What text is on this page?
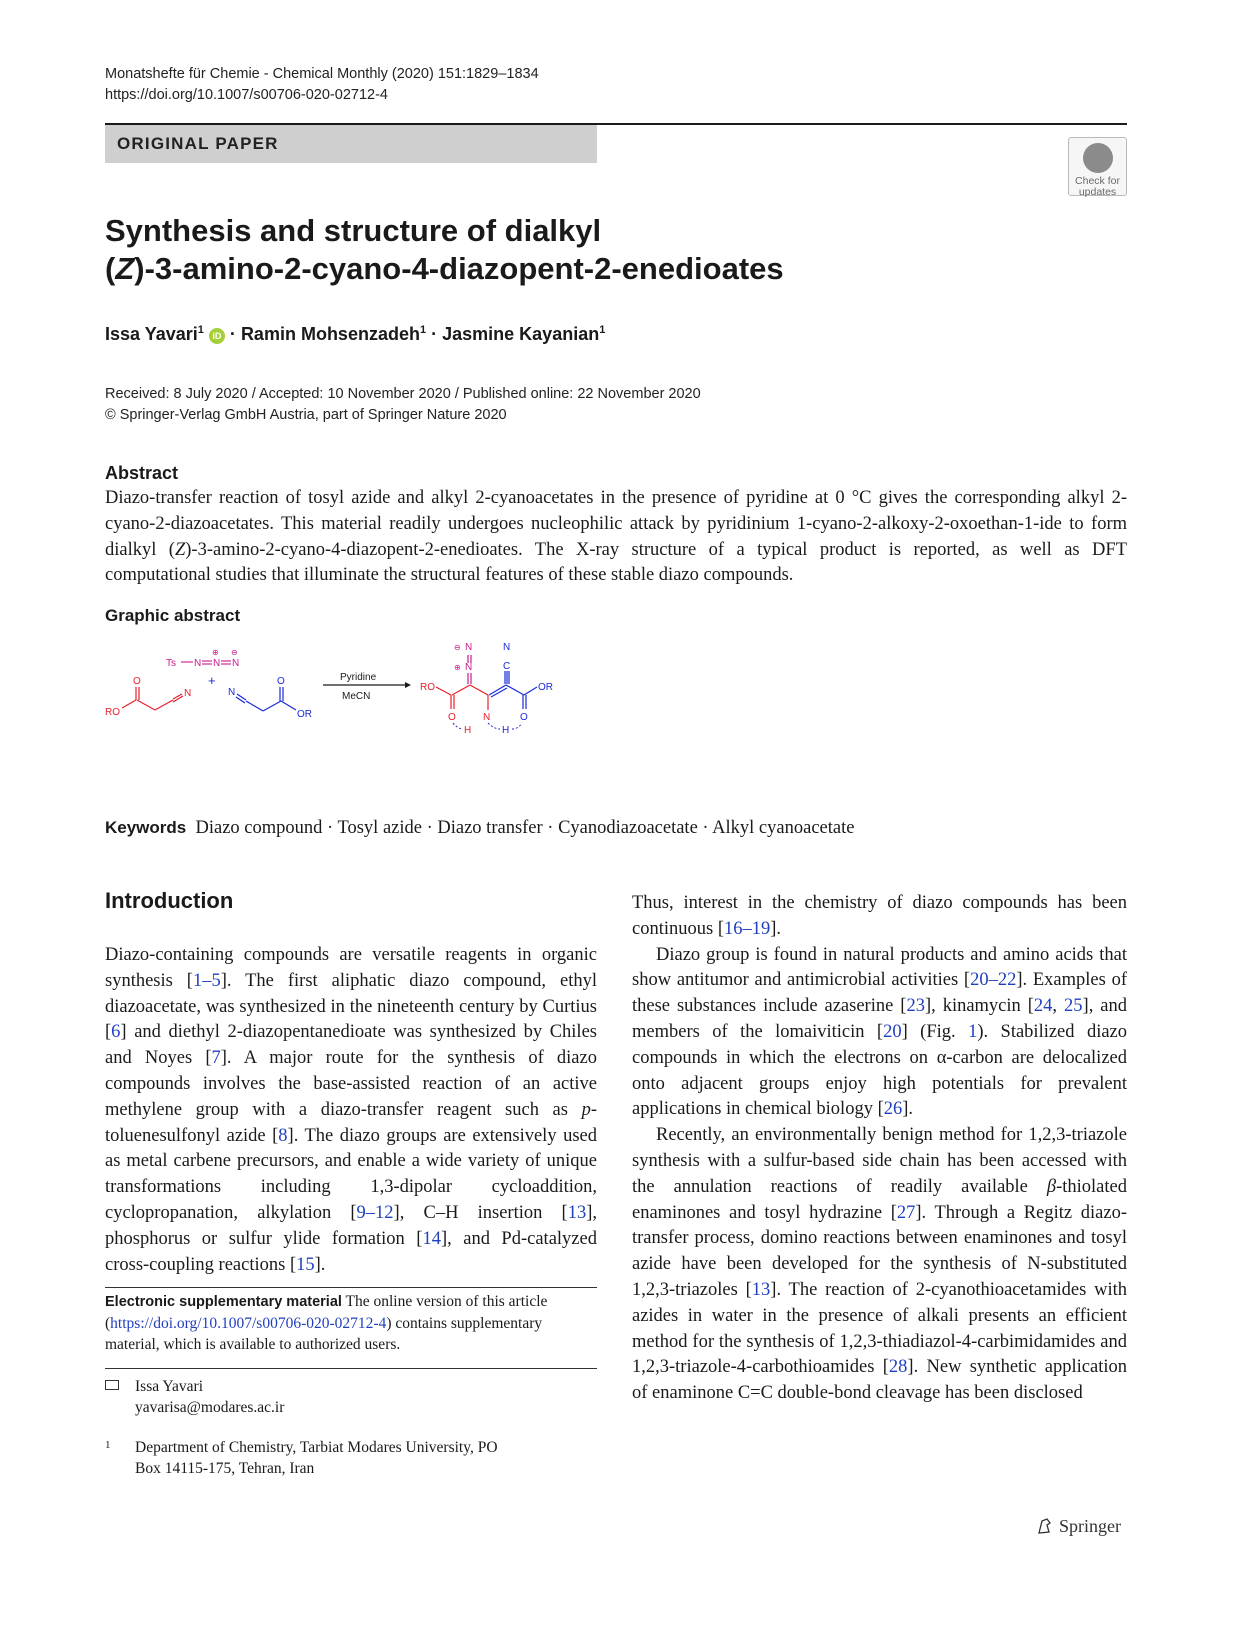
Monatshefte für Chemie - Chemical Monthly (2020) 151:1829–1834
https://doi.org/10.1007/s00706-020-02712-4
ORIGINAL PAPER
Check for
updates
Synthesis and structure of dialkyl
(Z)-3-amino-2-cyano-4-diazopent-2-enedioates
Issa Yavari$^1$ iD · Ramin Mohsenzadeh$^1$ · Jasmine Kayanian$^1$
Received: 8 July 2020 / Accepted: 10 November 2020 / Published online: 22 November 2020
© Springer-Verlag GmbH Austria, part of Springer Nature 2020
Abstract
Diazo-transfer reaction of tosyl azide and alkyl 2-cyanoacetates in the presence of pyridine at 0 °C gives the corresponding alkyl 2-cyano-2-diazoacetates. This material readily undergoes nucleophilic attack by pyridinium 1-cyano-2-alkoxy-2-oxoethan-1-ide to form dialkyl (Z)-3-amino-2-cyano-4-diazopent-2-enedioates. The X-ray structure of a typical product is reported, as well as DFT computational studies that illuminate the structural features of these stable diazo compounds.
Graphic abstract
O
RO
N
Ts N N N
⊕ ⊖
+
N
O
OR
Pyridine
MeCN
RO
O	N
N
N
⊖
⊕
N
C
OR
O
H	H
Keywords Diazo compound · Tosyl azide · Diazo transfer · Cyanodiazoacetate · Alkyl cyanoacetate
Introduction

Diazo-containing compounds are versatile reagents in organic synthesis [1–5]. The first aliphatic diazo compound, ethyl diazoacetate, was synthesized in the nineteenth century by Curtius [6] and diethyl 2-diazopentanedioate was synthesized by Chiles and Noyes [7]. A major route for the synthesis of diazo compounds involves the base-assisted reaction of an active methylene group with a diazo-transfer reagent such as p-toluenesulfonyl azide [8]. The diazo groups are extensively used as metal carbene precursors, and enable a wide variety of unique transformations including 1,3-dipolar cycloaddition, cyclopropanation, alkylation [9–12], C–H insertion [13], phosphorus or sulfur ylide formation [14], and Pd-catalyzed cross-coupling reactions [15].

Thus, interest in the chemistry of diazo compounds has been continuous [16–19].

Diazo group is found in natural products and amino acids that show antitumor and antimicrobial activities [20–22]. Examples of these substances include azaserine [23], kinamycin [24, 25], and members of the lomaiviticin [20] (Fig. 1). Stabilized diazo compounds in which the electrons on α-carbon are delocalized onto adjacent groups enjoy high potentials for prevalent applications in chemical biology [26].

Recently, an environmentally benign method for 1,2,3-triazole synthesis with a sulfur-based side chain has been accessed with the annulation reactions of readily available β-thiolated enaminones and tosyl hydrazine [27]. Through a Regitz diazo-transfer process, domino reactions between enaminones and tosyl azide have been developed for the synthesis of N-substituted 1,2,3-triazoles [13]. The reaction of 2-cyanothioacetamides with azides in water in the presence of alkali presents an efficient method for the synthesis of 1,2,3-thiadiazol-4-carbimidamides and 1,2,3-triazole-4-carbothioamides [28]. New synthetic application of enaminone C=C double-bond cleavage has been disclosed

Electronic supplementary material The online version of this article (https://doi.org/10.1007/s00706-020-02712-4) contains supplementary material, which is available to authorized users.
Issa Yavari
yavarisa@modares.ac.ir
1 Department of Chemistry, Tarbiat Modares University, PO
Box 14115-175, Tehran, Iran
Springer
